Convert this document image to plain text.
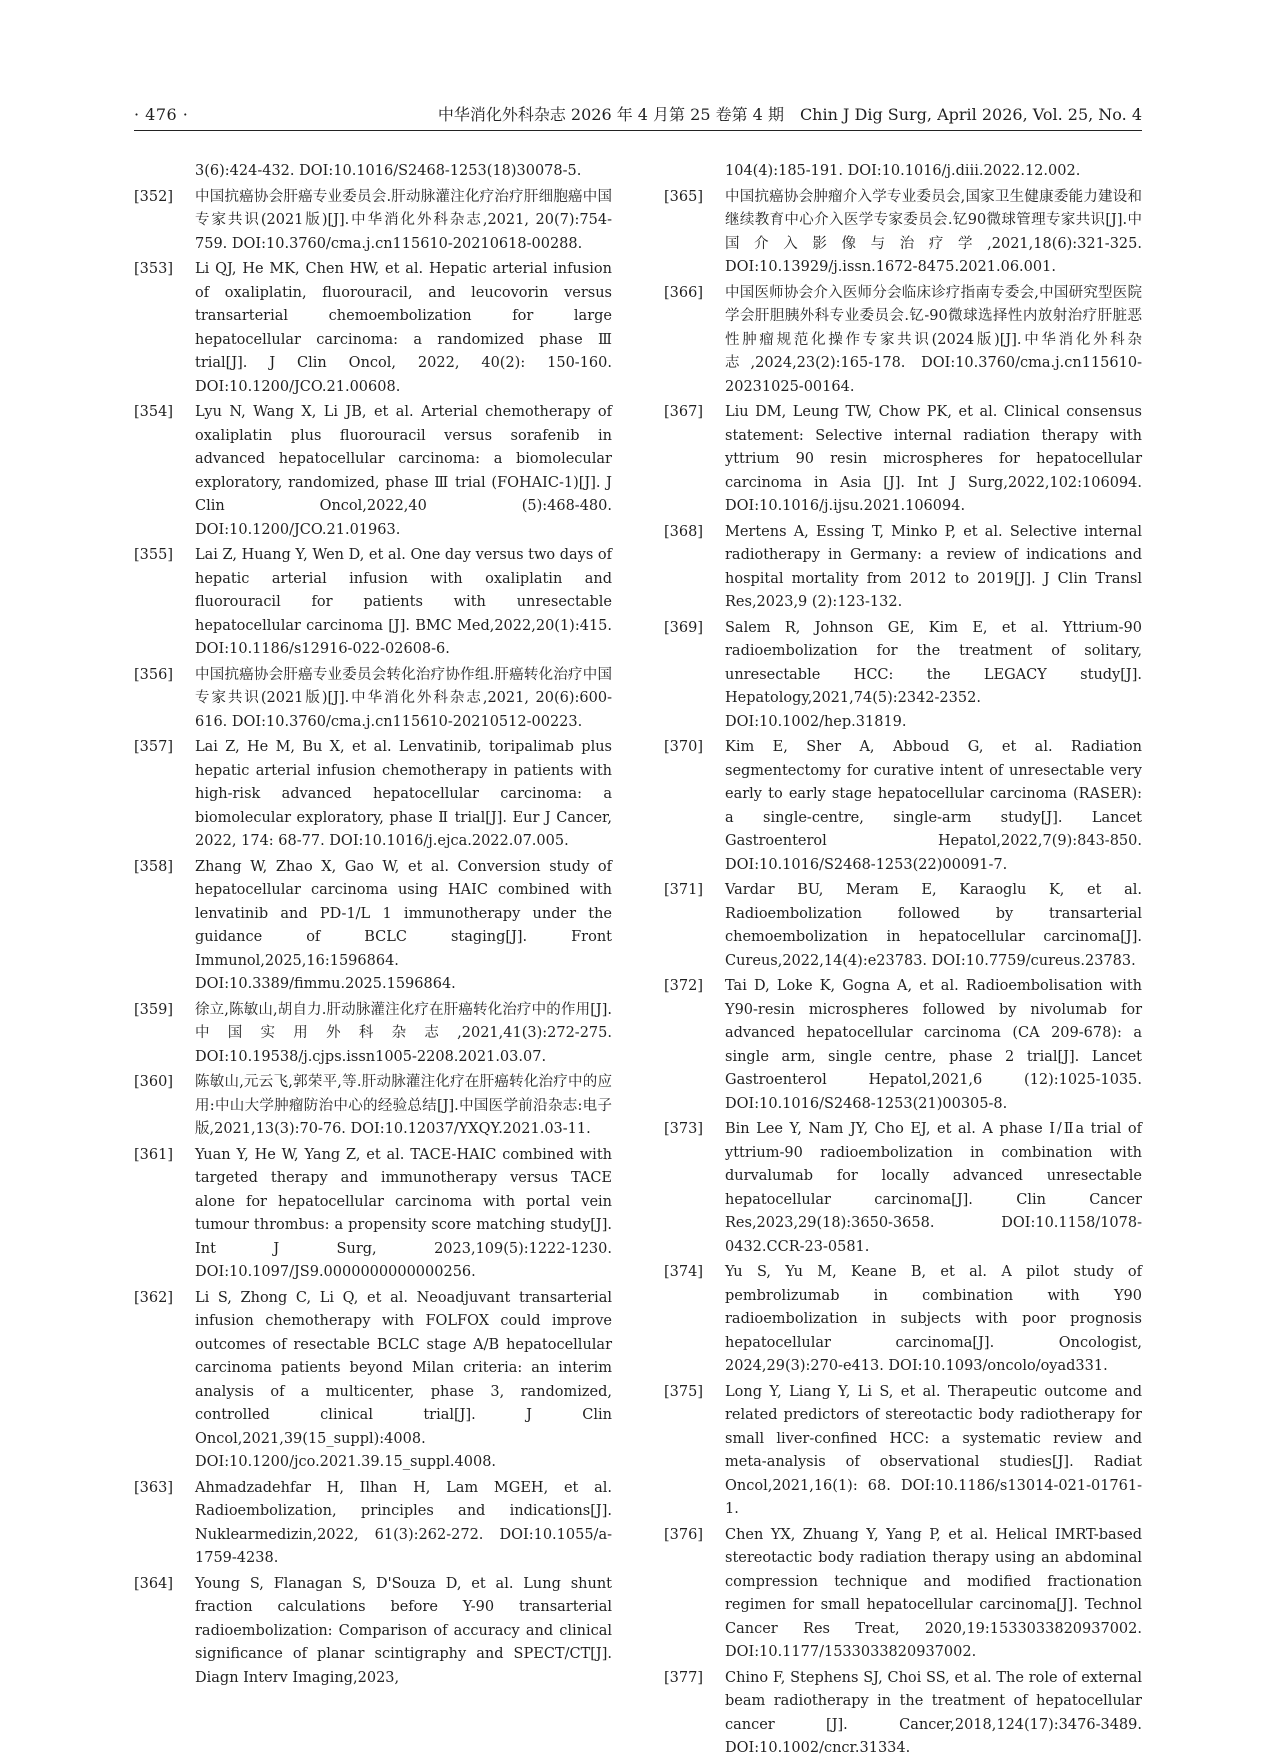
· 476 ·	中华消化外科杂志 2026 年 4 月第 25 卷第 4 期　Chin J Dig Surg, April 2026, Vol. 25, No. 4
3(6):424-432. DOI:10.1016/S2468-1253(18)30078-5.
[352] 中国抗癌协会肝癌专业委员会.肝动脉灌注化疗治疗肝细胞癌中国专家共识(2021版)[J].中华消化外科杂志,2021, 20(7):754-759. DOI:10.3760/cma.j.cn115610-20210618-00288.
[353] Li QJ, He MK, Chen HW, et al. Hepatic arterial infusion of oxaliplatin, fluorouracil, and leucovorin versus transarterial chemoembolization for large hepatocellular carcinoma: a randomized phase Ⅲ trial[J]. J Clin Oncol, 2022, 40(2): 150-160. DOI:10.1200/JCO.21.00608.
[354] Lyu N, Wang X, Li JB, et al. Arterial chemotherapy of oxaliplatin plus fluorouracil versus sorafenib in advanced hepatocellular carcinoma: a biomolecular exploratory, randomized, phase Ⅲ trial (FOHAIC-1)[J]. J Clin Oncol,2022,40 (5):468-480. DOI:10.1200/JCO.21.01963.
[355] Lai Z, Huang Y, Wen D, et al. One day versus two days of hepatic arterial infusion with oxaliplatin and fluorouracil for patients with unresectable hepatocellular carcinoma [J]. BMC Med,2022,20(1):415. DOI:10.1186/s12916-022-02608-6.
[356] 中国抗癌协会肝癌专业委员会转化治疗协作组.肝癌转化治疗中国专家共识(2021版)[J].中华消化外科杂志,2021, 20(6):600-616. DOI:10.3760/cma.j.cn115610-20210512-00223.
[357] Lai Z, He M, Bu X, et al. Lenvatinib, toripalimab plus hepatic arterial infusion chemotherapy in patients with high-risk advanced hepatocellular carcinoma: a biomolecular exploratory, phase Ⅱ trial[J]. Eur J Cancer, 2022, 174: 68-77. DOI:10.1016/j.ejca.2022.07.005.
[358] Zhang W, Zhao X, Gao W, et al. Conversion study of hepatocellular carcinoma using HAIC combined with lenvatinib and PD-1/L 1 immunotherapy under the guidance of BCLC staging[J]. Front Immunol,2025,16:1596864. DOI:10.3389/fimmu.2025.1596864.
[359] 徐立,陈敏山,胡自力.肝动脉灌注化疗在肝癌转化治疗中的作用[J].中国实用外科杂志,2021,41(3):272-275. DOI:10.19538/j.cjps.issn1005-2208.2021.03.07.
[360] 陈敏山,元云飞,郭荣平,等.肝动脉灌注化疗在肝癌转化治疗中的应用:中山大学肿瘤防治中心的经验总结[J].中国医学前沿杂志:电子版,2021,13(3):70-76. DOI:10.12037/YXQY.2021.03-11.
[361] Yuan Y, He W, Yang Z, et al. TACE-HAIC combined with targeted therapy and immunotherapy versus TACE alone for hepatocellular carcinoma with portal vein tumour thrombus: a propensity score matching study[J]. Int J Surg, 2023,109(5):1222-1230. DOI:10.1097/JS9.0000000000000256.
[362] Li S, Zhong C, Li Q, et al. Neoadjuvant transarterial infusion chemotherapy with FOLFOX could improve outcomes of resectable BCLC stage A/B hepatocellular carcinoma patients beyond Milan criteria: an interim analysis of a multicenter, phase 3, randomized, controlled clinical trial[J]. J Clin Oncol,2021,39(15_suppl):4008. DOI:10.1200/jco.2021.39.15_suppl.4008.
[363] Ahmadzadehfar H, Ilhan H, Lam MGEH, et al. Radioembolization, principles and indications[J]. Nuklearmedizin,2022, 61(3):262-272. DOI:10.1055/a-1759-4238.
[364] Young S, Flanagan S, D'Souza D, et al. Lung shunt fraction calculations before Y-90 transarterial radioembolization: Comparison of accuracy and clinical significance of planar scintigraphy and SPECT/CT[J]. Diagn Interv Imaging,2023,
104(4):185-191. DOI:10.1016/j.diii.2022.12.002.
[365] 中国抗癌协会肿瘤介入学专业委员会,国家卫生健康委能力建设和继续教育中心介入医学专家委员会.钇90微球管理专家共识[J].中国介入影像与治疗学,2021,18(6):321-325. DOI:10.13929/j.issn.1672-8475.2021.06.001.
[366] 中国医师协会介入医师分会临床诊疗指南专委会,中国研究型医院学会肝胆胰外科专业委员会.钇-90微球选择性内放射治疗肝脏恶性肿瘤规范化操作专家共识(2024版)[J].中华消化外科杂志,2024,23(2):165-178. DOI:10.3760/cma.j.cn115610-20231025-00164.
[367] Liu DM, Leung TW, Chow PK, et al. Clinical consensus statement: Selective internal radiation therapy with yttrium 90 resin microspheres for hepatocellular carcinoma in Asia [J]. Int J Surg,2022,102:106094. DOI:10.1016/j.ijsu.2021.106094.
[368] Mertens A, Essing T, Minko P, et al. Selective internal radiotherapy in Germany: a review of indications and hospital mortality from 2012 to 2019[J]. J Clin Transl Res,2023,9 (2):123-132.
[369] Salem R, Johnson GE, Kim E, et al. Yttrium-90 radioembolization for the treatment of solitary, unresectable HCC: the LEGACY study[J]. Hepatology,2021,74(5):2342-2352. DOI:10.1002/hep.31819.
[370] Kim E, Sher A, Abboud G, et al. Radiation segmentectomy for curative intent of unresectable very early to early stage hepatocellular carcinoma (RASER): a single-centre, single-arm study[J]. Lancet Gastroenterol Hepatol,2022,7(9):843-850. DOI:10.1016/S2468-1253(22)00091-7.
[371] Vardar BU, Meram E, Karaoglu K, et al. Radioembolization followed by transarterial chemoembolization in hepatocellular carcinoma[J]. Cureus,2022,14(4):e23783. DOI:10.7759/cureus.23783.
[372] Tai D, Loke K, Gogna A, et al. Radioembolisation with Y90-resin microspheres followed by nivolumab for advanced hepatocellular carcinoma (CA 209-678): a single arm, single centre, phase 2 trial[J]. Lancet Gastroenterol Hepatol,2021,6 (12):1025-1035. DOI:10.1016/S2468-1253(21)00305-8.
[373] Bin Lee Y, Nam JY, Cho EJ, et al. A phase Ⅰ/Ⅱa trial of yttrium-90 radioembolization in combination with durvalumab for locally advanced unresectable hepatocellular carcinoma[J]. Clin Cancer Res,2023,29(18):3650-3658. DOI:10.1158/1078-0432.CCR-23-0581.
[374] Yu S, Yu M, Keane B, et al. A pilot study of pembrolizumab in combination with Y90 radioembolization in subjects with poor prognosis hepatocellular carcinoma[J]. Oncologist, 2024,29(3):270-e413. DOI:10.1093/oncolo/oyad331.
[375] Long Y, Liang Y, Li S, et al. Therapeutic outcome and related predictors of stereotactic body radiotherapy for small liver-confined HCC: a systematic review and meta-analysis of observational studies[J]. Radiat Oncol,2021,16(1): 68. DOI:10.1186/s13014-021-01761-1.
[376] Chen YX, Zhuang Y, Yang P, et al. Helical IMRT-based stereotactic body radiation therapy using an abdominal compression technique and modified fractionation regimen for small hepatocellular carcinoma[J]. Technol Cancer Res Treat, 2020,19:1533033820937002. DOI:10.1177/1533033820937002.
[377] Chino F, Stephens SJ, Choi SS, et al. The role of external beam radiotherapy in the treatment of hepatocellular cancer [J]. Cancer,2018,124(17):3476-3489. DOI:10.1002/cncr.31334.
